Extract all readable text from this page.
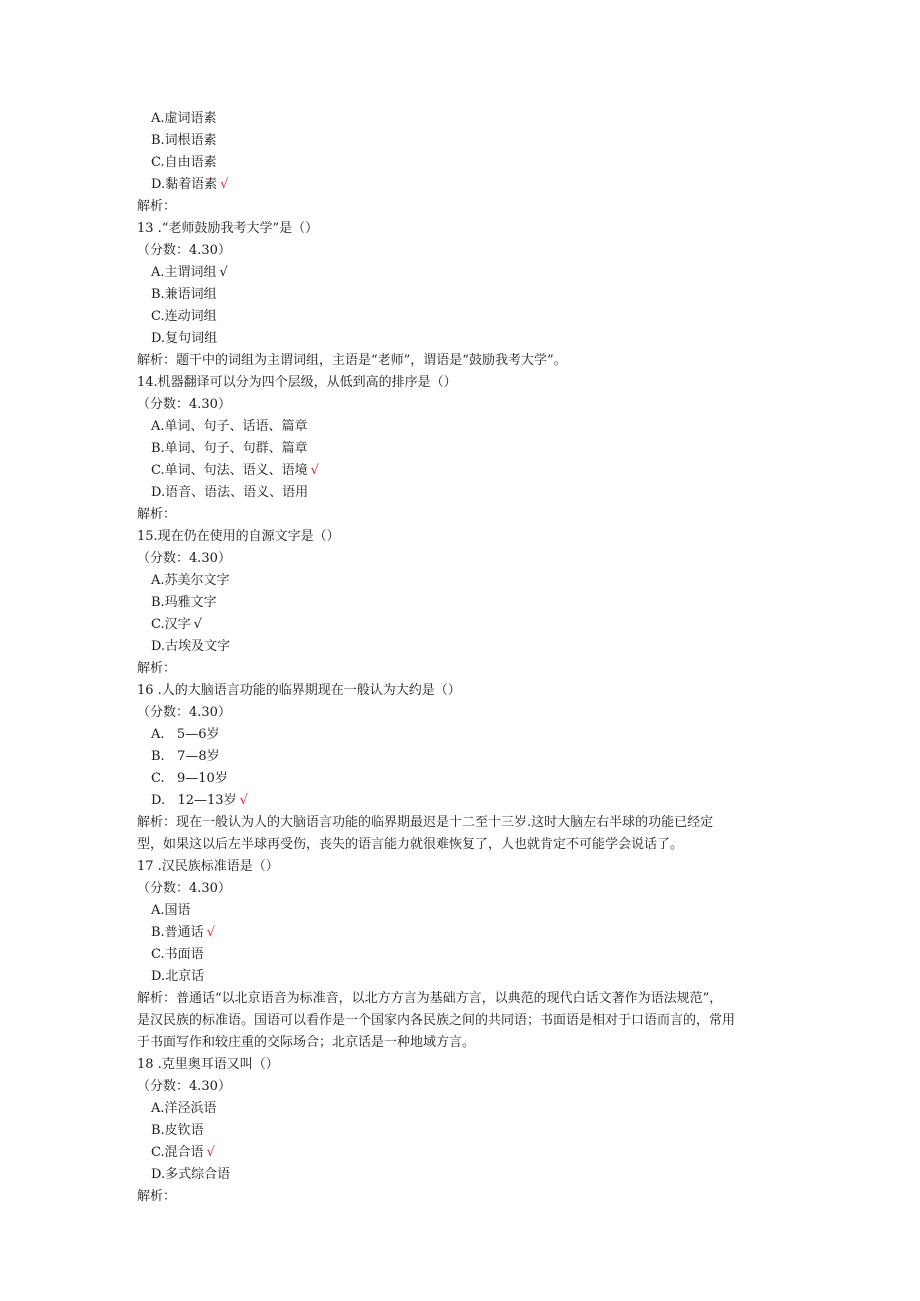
A.虚词语素
B.词根语素
C.自由语素
D.黏着语素 √
解析：
13 .“老师鼓励我考大学”是（）
（分数：4.30）
A.主谓词组 √
B.兼语词组
C.连动词组
D.复句词组
解析：题干中的词组为主谓词组，主语是“老师”，谓语是“鼓励我考大学”。
14.机器翻译可以分为四个层级，从低到高的排序是（）
（分数：4.30）
A.单词、句子、话语、篇章
B.单词、句子、句群、篇章
C.单词、句法、语义、语境 √
D.语音、语法、语义、语用
解析：
15.现在仍在使用的自源文字是（）
（分数：4.30）
A.苏美尔文字
B.玛雅文字
C.汉字 √
D.古埃及文字
解析：
16 .人的大脑语言功能的临界期现在一般认为大约是（）
（分数：4.30）
A.   5—6岁
B.   7—8岁
C.   9—10岁
D.   12—13岁 √
解析：现在一般认为人的大脑语言功能的临界期最迟是十二至十三岁.这时大脑左右半球的功能已经定
型，如果这以后左半球再受伤，丧失的语言能力就很难恢复了，人也就肯定不可能学会说话了。
17 .汉民族标准语是（）
（分数：4.30）
A.国语
B.普通话 √
C.书面语
D.北京话
解析：普通话“以北京语音为标准音，以北方方言为基础方言，以典范的现代白话文著作为语法规范”，
是汉民族的标准语。国语可以看作是一个国家内各民族之间的共同语；书面语是相对于口语而言的，常用
于书面写作和较庄重的交际场合；北京话是一种地域方言。
18 .克里奥耳语又叫（）
（分数：4.30）
A.洋泾浜语
B.皮钦语
C.混合语 √
D.多式综合语
解析：
